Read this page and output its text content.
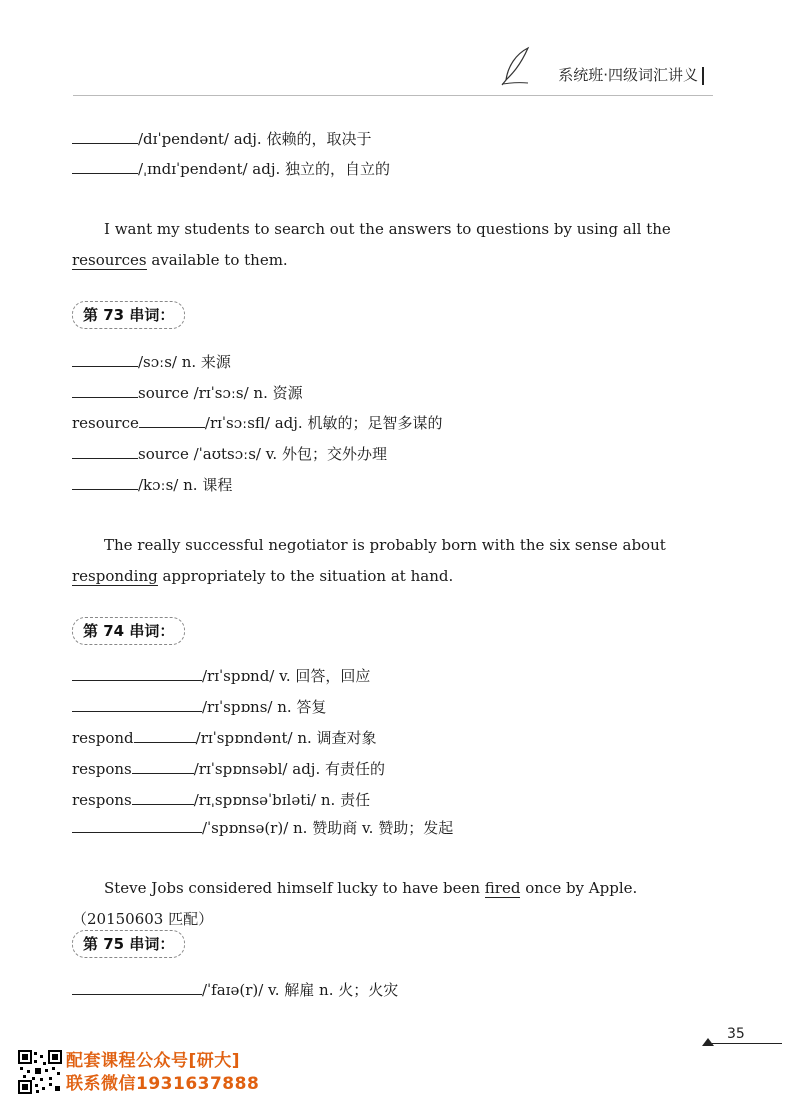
系统班·四级词汇讲义
/dɪˈpendənt/ adj. 依赖的，取决于
/ˌɪndɪˈpendənt/ adj. 独立的，自立的
I want my students to search out the answers to questions by using all the resources available to them.
第 73 串词：
/sɔːs/ n. 来源
source /rɪˈsɔːs/ n. 资源
resource	/rɪˈsɔːsfl/ adj. 机敏的；足智多谋的
source /ˈaʊtsɔːs/ v. 外包；交外办理
/kɔːs/ n. 课程
The really successful negotiator is probably born with the six sense about responding appropriately to the situation at hand.
第 74 串词：
/rɪˈspɒnd/ v. 回答，回应
/rɪˈspɒns/ n. 答复
respond	/rɪˈspɒndənt/ n. 调查对象
respons	/rɪˈspɒnsəbl/ adj. 有责任的
respons	/rɪˌspɒnsəˈbɪləti/ n. 责任
/ˈspɒnsə(r)/ n. 赞助商 v. 赞助；发起
Steve Jobs considered himself lucky to have been fired once by Apple.（20150603 匹配）
第 75 串词：
/ˈfaɪə(r)/ v. 解雇 n. 火；火灾
35
配套课程公众号[研大]
联系微信1931637888
